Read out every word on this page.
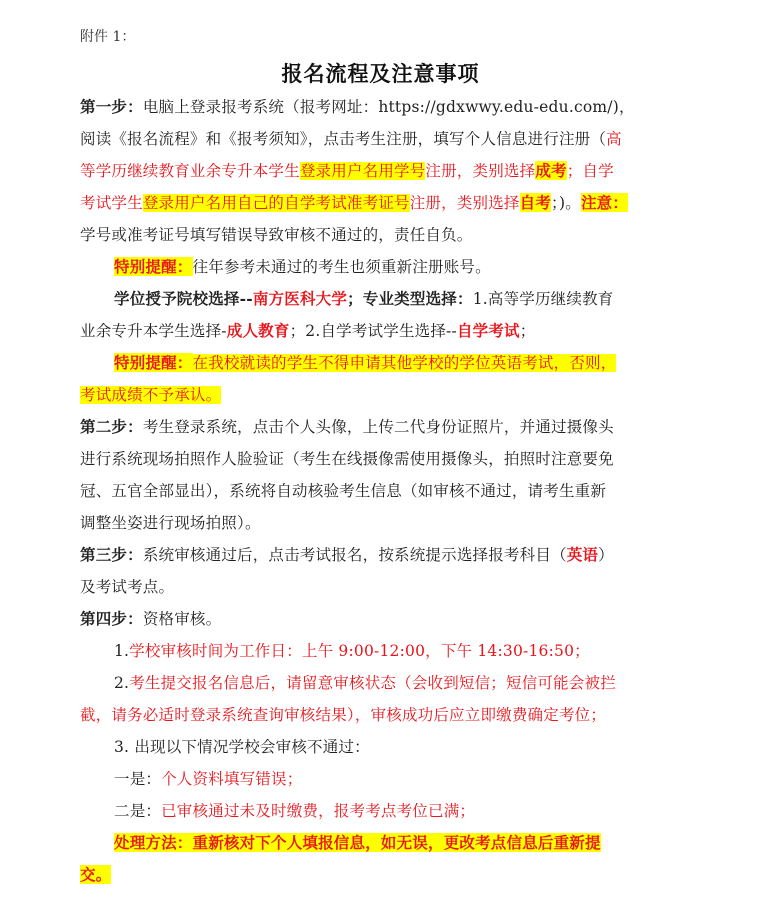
附件 1：
报名流程及注意事项
第一步：电脑上登录报考系统（报考网址：https://gdxwwy.edu-edu.com/)，
阅读《报名流程》和《报考须知》，点击考生注册，填写个人信息进行注册（高
等学历继续教育业余专升本学生登录用户名用学号注册，类别选择成考；自学
考试学生登录用户名用自己的自学考试准考证号注册，类别选择自考；)。注意：
学号或准考证号填写错误导致审核不通过的，责任自负。
特别提醒：往年参考未通过的考生也须重新注册账号。
学位授予院校选择--南方医科大学；专业类型选择：1.高等学历继续教育
业余专升本学生选择-成人教育；2.自学考试学生选择--自学考试；
特别提醒：在我校就读的学生不得申请其他学校的学位英语考试，否则，
考试成绩不予承认。
第二步：考生登录系统，点击个人头像，上传二代身份证照片，并通过摄像头
进行系统现场拍照作人脸验证（考生在线摄像需使用摄像头，拍照时注意要免
冠、五官全部显出），系统将自动核验考生信息（如审核不通过，请考生重新
调整坐姿进行现场拍照）。
第三步：系统审核通过后，点击考试报名，按系统提示选择报考科目（英语）
及考试考点。
第四步：资格审核。
1.学校审核时间为工作日：上午 9:00-12:00，下午 14:30-16:50；
2.考生提交报名信息后，请留意审核状态（会收到短信；短信可能会被拦
截，请务必适时登录系统查询审核结果），审核成功后应立即缴费确定考位；
3. 出现以下情况学校会审核不通过：
一是：个人资料填写错误；
二是：已审核通过未及时缴费，报考考点考位已满；
处理方法：重新核对下个人填报信息，如无误，更改考点信息后重新提
交。
